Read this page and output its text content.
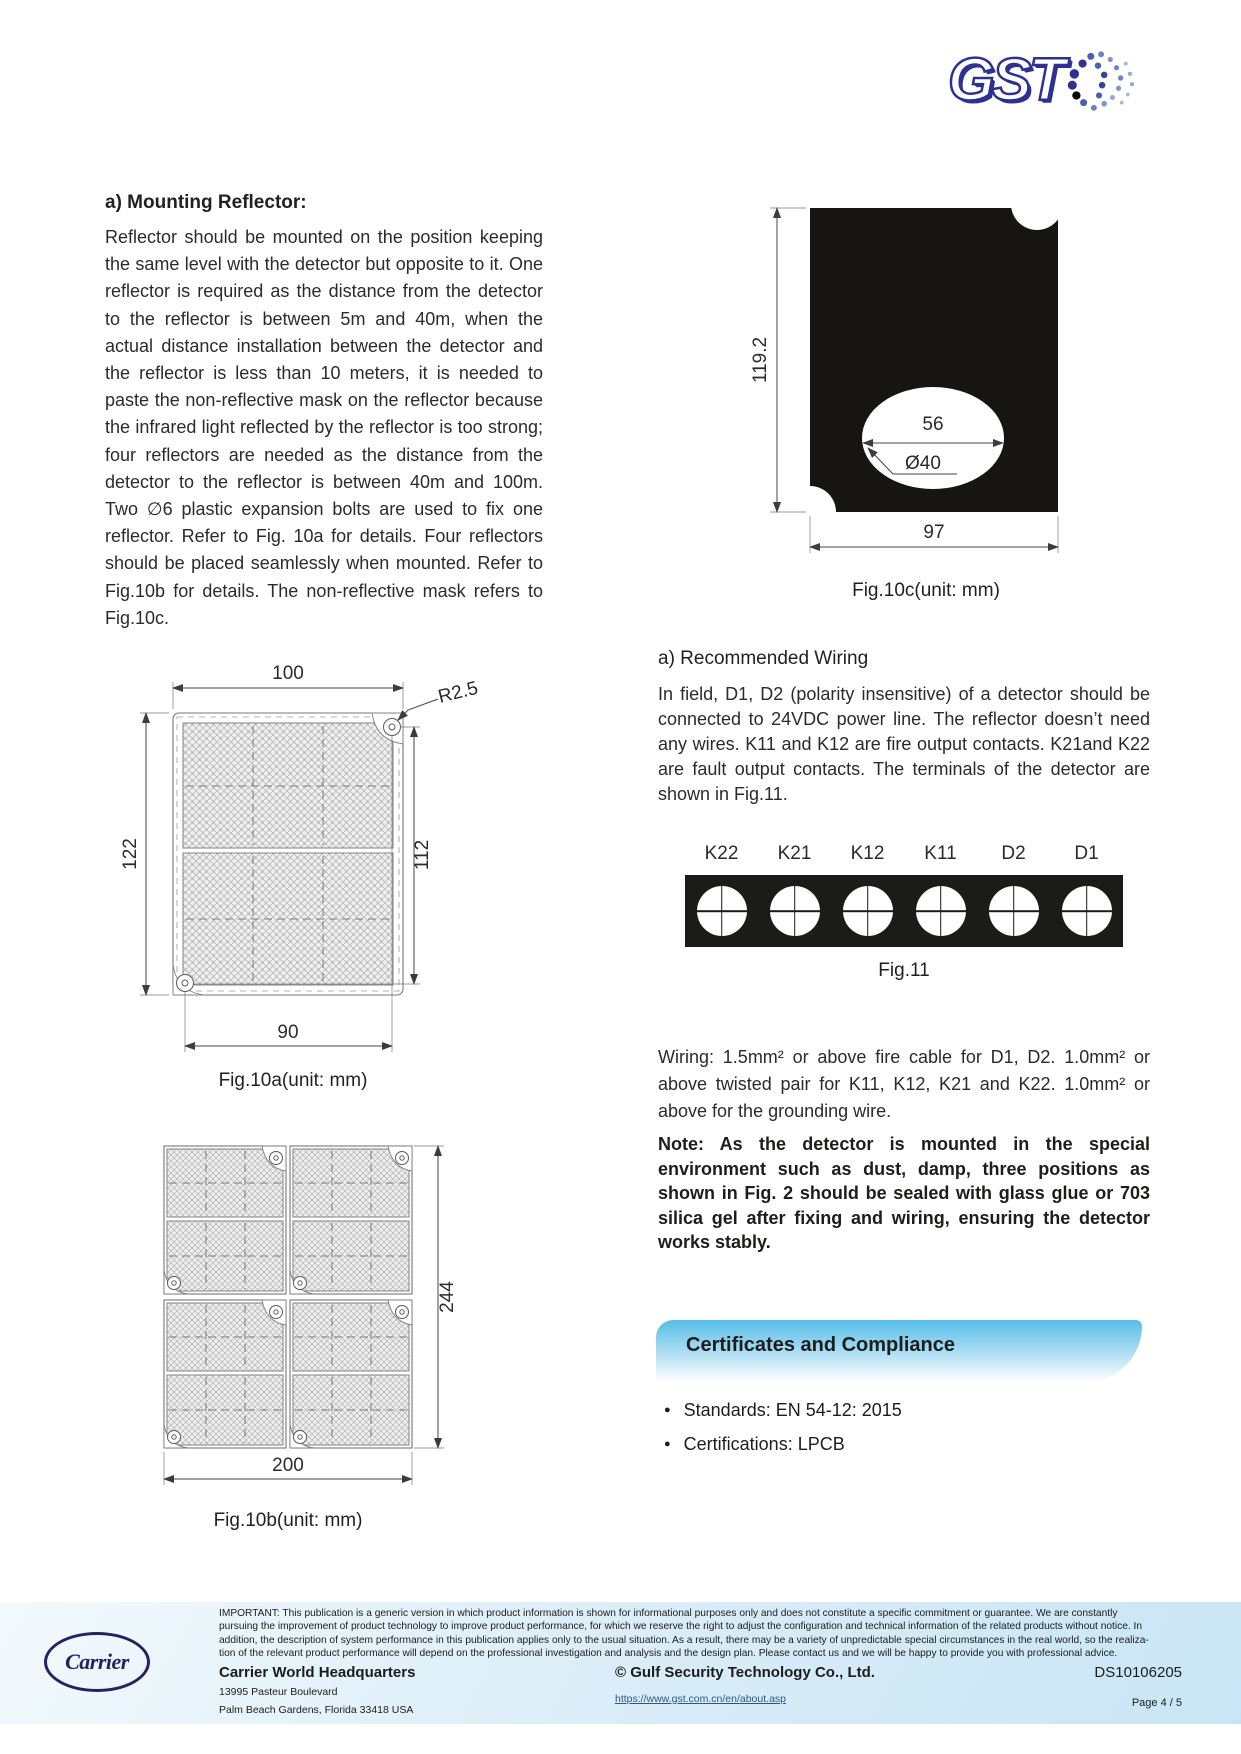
GST
a) Mounting Reflector:
Reflector should be mounted on the position keeping the same level with the detector but opposite to it. One reflector is required as the distance from the detector to the reflector is between 5m and 40m, when the actual distance installation between the detector and the reflector is less than 10 meters, it is needed to paste the non-reflective mask on the reflector because the infrared light reflected by the reflector is too strong; four reflectors are needed as the distance from the detector to the reflector is between 40m and 100m. Two ∅6 plastic expansion bolts are used to fix one reflector. Refer to Fig. 10a for details. Four reflectors should be placed seamlessly when mounted. Refer to Fig.10b for details. The non-reflective mask refers to Fig.10c.
100
R2.5
122	112
90
Fig.10a(unit: mm)
244
200
Fig.10b(unit: mm)
119.2
56
Ø40
97
Fig.10c(unit: mm)
a) Recommended Wiring
In field, D1, D2 (polarity insensitive) of a detector should be connected to 24VDC power line. The reflector doesn’t need any wires. K11 and K12 are fire output contacts. K21and K22 are fault output contacts. The terminals of the detector are shown in Fig.11.
K22	K21	K12	K11	D2	D1
Fig.11
Wiring: 1.5mm² or above fire cable for D1, D2. 1.0mm² or above twisted pair for K11, K12, K21 and K22. 1.0mm² or above for the grounding wire.
Note: As the detector is mounted in the special environment such as dust, damp, three positions as shown in Fig. 2 should be sealed with glass glue or 703 silica gel after fixing and wiring, ensuring the detector works stably.
Certificates and Compliance
● Standards: EN 54-12: 2015
● Certifications: LPCB
Carrier
IMPORTANT: This publication is a generic version in which product information is shown for informational purposes only and does not constitute a specific commitment or guarantee. We are constantly
pursuing the improvement of product technology to improve product performance, for which we reserve the right to adjust the configuration and technical information of the related products without notice. In
addition, the description of system performance in this publication applies only to the usual situation. As a result, there may be a variety of unpredictable special circumstances in the real world, so the realiza-
tion of the relevant product performance will depend on the professional investigation and analysis and the design plan. Please contact us and we will be happy to provide you with professional advice.
Carrier World Headquarters
13995 Pasteur Boulevard
Palm Beach Gardens, Florida 33418 USA
© Gulf Security Technology Co., Ltd.
https://www.gst.com.cn/en/about.asp
DS10106205
Page 4 / 5
